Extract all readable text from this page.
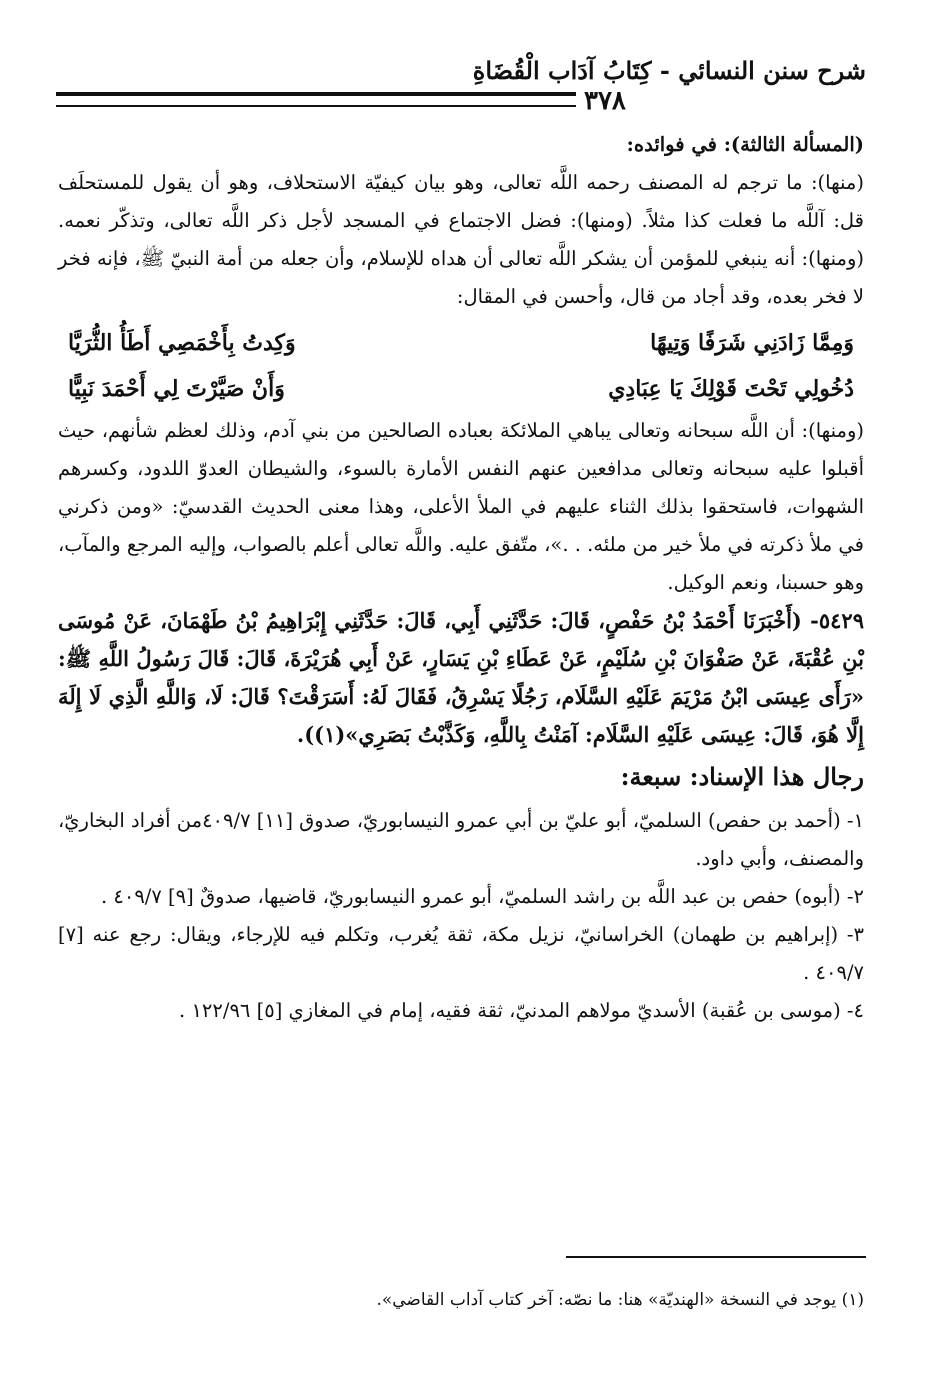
شرح سنن النسائي - كِتَابُ آدَاب الْقُضَاةِ
٣٧٨

(المسألة الثالثة): في فوائده:

(منها): ما ترجم له المصنف رحمه اللَّه تعالى، وهو بيان كيفيّة الاستحلاف، وهو أن يقول للمستحلَف قل: آللَّه ما فعلت كذا مثلاً. (ومنها): فضل الاجتماع في المسجد لأجل ذكر اللَّه تعالى، وتذكّر نعمه. (ومنها): أنه ينبغي للمؤمن أن يشكر اللَّه تعالى أن هداه للإسلام، وأن جعله من أمة النبيّ ﷺ، فإنه فخر لا فخر بعده، وقد أجاد من قال، وأحسن في المقال:

وَمِمَّا زَادَنِي شَرَفًا وَتِيهًا
وَكِدتُ بِأَخْمَصِي أَطَأُ الثُّرَيَّا
دُخُولِي تَحْتَ قَوْلِكَ يَا عِبَادِي
وَأَنْ صَيَّرْتَ لِي أَحْمَدَ نَبِيًّا

(ومنها): أن اللَّه سبحانه وتعالى يباهي الملائكة بعباده الصالحين من بني آدم، وذلك لعظم شأنهم، حيث أقبلوا عليه سبحانه وتعالى مدافعين عنهم النفس الأمارة بالسوء، والشيطان العدوّ اللدود، وكسرهم الشهوات، فاستحقوا بذلك الثناء عليهم في الملأ الأعلى، وهذا معنى الحديث القدسيّ: «ومن ذكرني في ملأ ذكرته في ملأ خير من ملئه. . .»، متّفق عليه. واللَّه تعالى أعلم بالصواب، وإليه المرجع والمآب، وهو حسبنا، ونعم الوكيل.

٥٤٢٩- (أَخْبَرَنَا أَحْمَدُ بْنُ حَفْصٍ، قَالَ: حَدَّثَنِي أَبِي، قَالَ: حَدَّثَنِي إِبْرَاهِيمُ بْنُ طَهْمَانَ، عَنْ مُوسَى بْنِ عُقْبَةَ، عَنْ صَفْوَانَ بْنِ سُلَيْمٍ، عَنْ عَطَاءِ بْنِ يَسَارٍ، عَنْ أَبِي هُرَيْرَةَ، قَالَ: قَالَ رَسُولُ اللَّهِ ﷺ: «رَأَى عِيسَى ابْنُ مَرْيَمَ عَلَيْهِ السَّلَام، رَجُلًا يَسْرِقُ، فَقَالَ لَهُ: أَسَرَقْتَ؟ قَالَ: لَا، وَاللَّهِ الَّذِي لَا إِلَهَ إِلَّا هُوَ، قَالَ: عِيسَى عَلَيْهِ السَّلَام: آمَنْتُ بِاللَّهِ، وَكَذَّبْتُ بَصَرِي»(١)).

رجال هذا الإسناد: سبعة:

١- (أحمد بن حفص) السلميّ، أبو عليّ بن أبي عمرو النيسابوريّ، صدوق [١١] ٤٠٩/٧من أفراد البخاريّ، والمصنف، وأبي داود.

٢- (أبوه) حفص بن عبد اللَّه بن راشد السلميّ، أبو عمرو النيسابوريّ، قاضيها، صدوقٌ [٩] ٤٠٩/٧ .

٣- (إبراهيم بن طهمان) الخراسانيّ، نزيل مكة، ثقة يُغرب، وتكلم فيه للإرجاء، ويقال: رجع عنه [٧] ٤٠٩/٧ .

٤- (موسى بن عُقبة) الأسديّ مولاهم المدنيّ، ثقة فقيه، إمام في المغازي [٥] ١٢٢/٩٦ .

(١) يوجد في النسخة «الهنديّة» هنا: ما نصّه: آخر كتاب آداب القاضي».
